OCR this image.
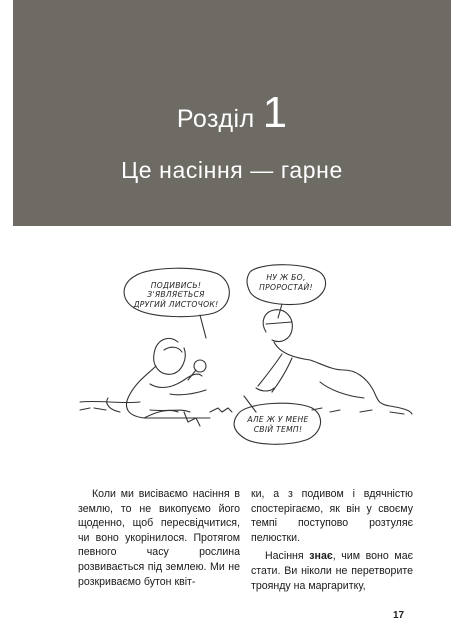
Розділ 1
Це насіння — гарне
ПОДИВИСЬ!
З'ЯВЛЯЄТЬСЯ
ДРУГИЙ ЛИСТОЧОК!
НУ Ж БО,
ПРОРОСТАЙ!
АЛЕ Ж У МЕНЕ
СВІЙ ТЕМП!

Коли ми висіваємо насіння в землю, то не викопуємо його щоденно, щоб пересвідчитися, чи воно укорінилося. Протягом певного часу рослина розвивається під землею. Ми не розкриваємо бутон квіт-

ки, а з подивом і вдячністю спостерігаємо, як він у своєму темпі поступово розтуляє пелюстки.

Насіння знає, чим воно має стати. Ви ніколи не перетворите троянду на маргаритку,

17
